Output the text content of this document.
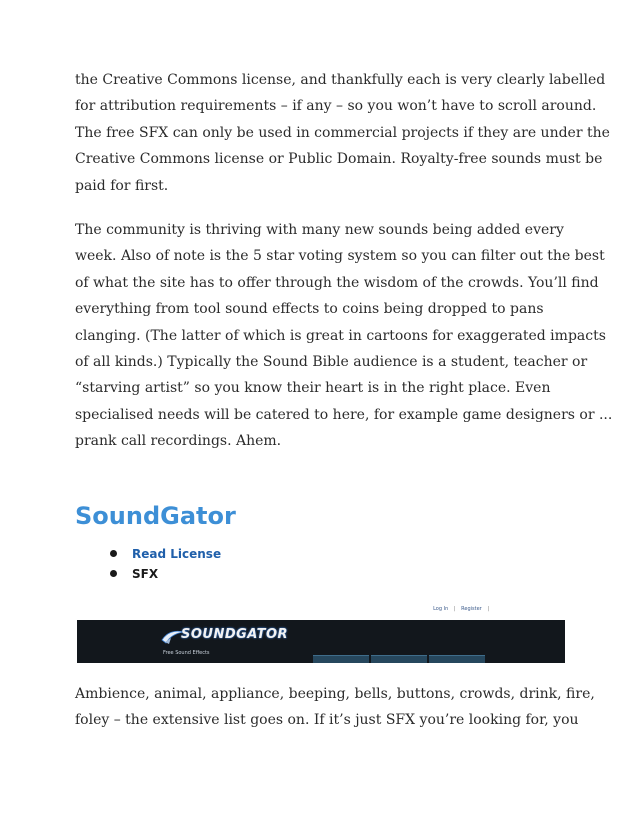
the Creative Commons license, and thankfully each is very clearly labelled
for attribution requirements – if any – so you won’t have to scroll around.
The free SFX can only be used in commercial projects if they are under the
Creative Commons license or Public Domain. Royalty-free sounds must be
paid for first.
The community is thriving with many new sounds being added every
week. Also of note is the 5 star voting system so you can filter out the best
of what the site has to offer through the wisdom of the crowds. You’ll find
everything from tool sound effects to coins being dropped to pans
clanging. (The latter of which is great in cartoons for exaggerated impacts
of all kinds.) Typically the Sound Bible audience is a student, teacher or
“starving artist” so you know their heart is in the right place. Even
specialised needs will be catered to here, for example game designers or ...
prank call recordings. Ahem.
SoundGator
Read License
SFX
Log In | Register |
SOUNDGATOR
Free Sound Effects
Ambience, animal, appliance, beeping, bells, buttons, crowds, drink, fire,
foley – the extensive list goes on. If it’s just SFX you’re looking for, you
